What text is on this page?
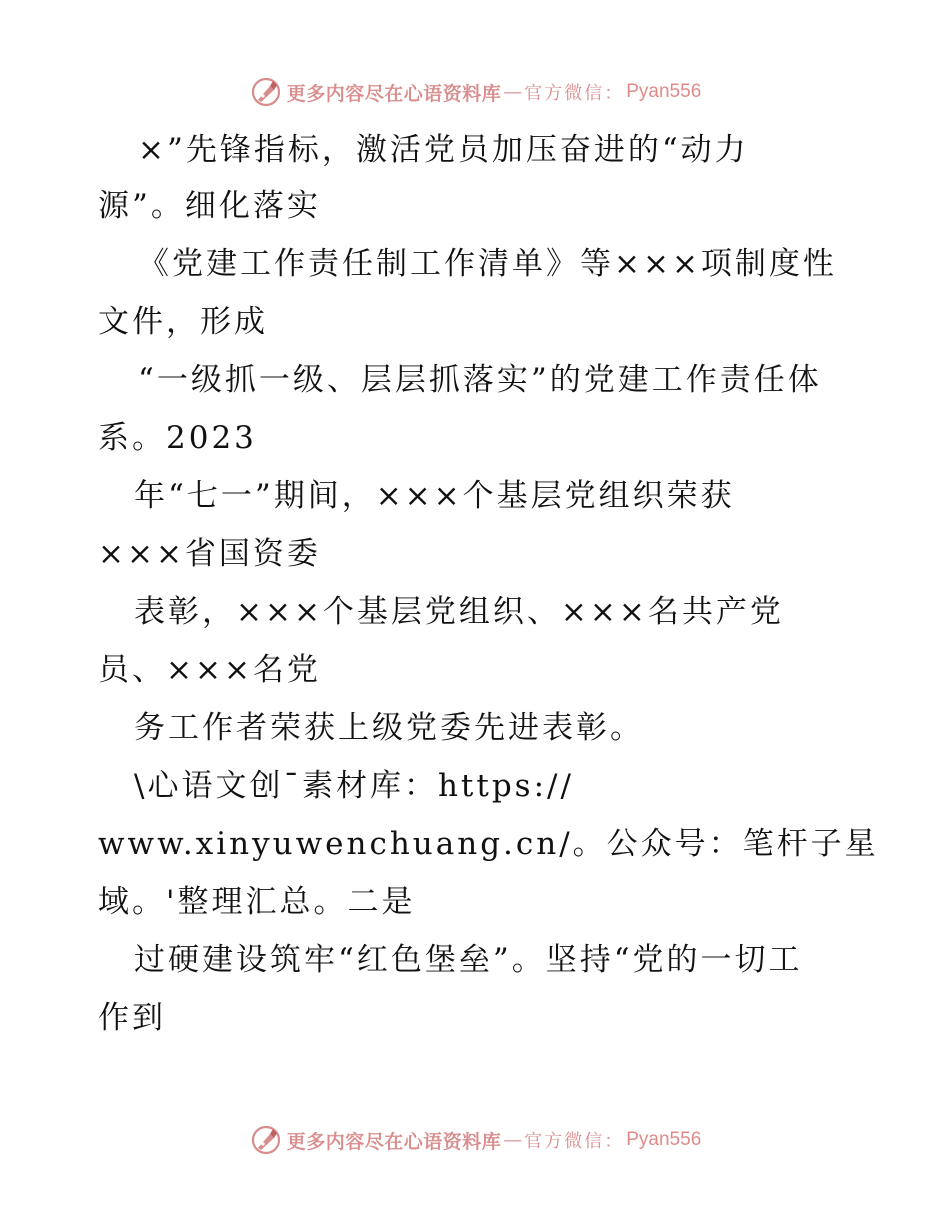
更多内容尽在心语资料库 — 官方微信： Pyan556
×”先锋指标，激活党员加压奋进的“动力
源”。细化落实
《党建工作责任制工作清单》等×××项制度性
文件，形成
“一级抓一级、层层抓落实”的党建工作责任体
系。2023
年“七一”期间，×××个基层党组织荣获
×××省国资委
表彰，×××个基层党组织、×××名共产党
员、×××名党
务工作者荣获上级党委先进表彰。
\心语文创¯素材库：https://
www.xinyuwenchuang.cn/。公众号：笔杆子星
域。'整理汇总。二是
过硬建设筑牢“红色堡垒”。坚持“党的一切工
作到
更多内容尽在心语资料库 — 官方微信： Pyan556
